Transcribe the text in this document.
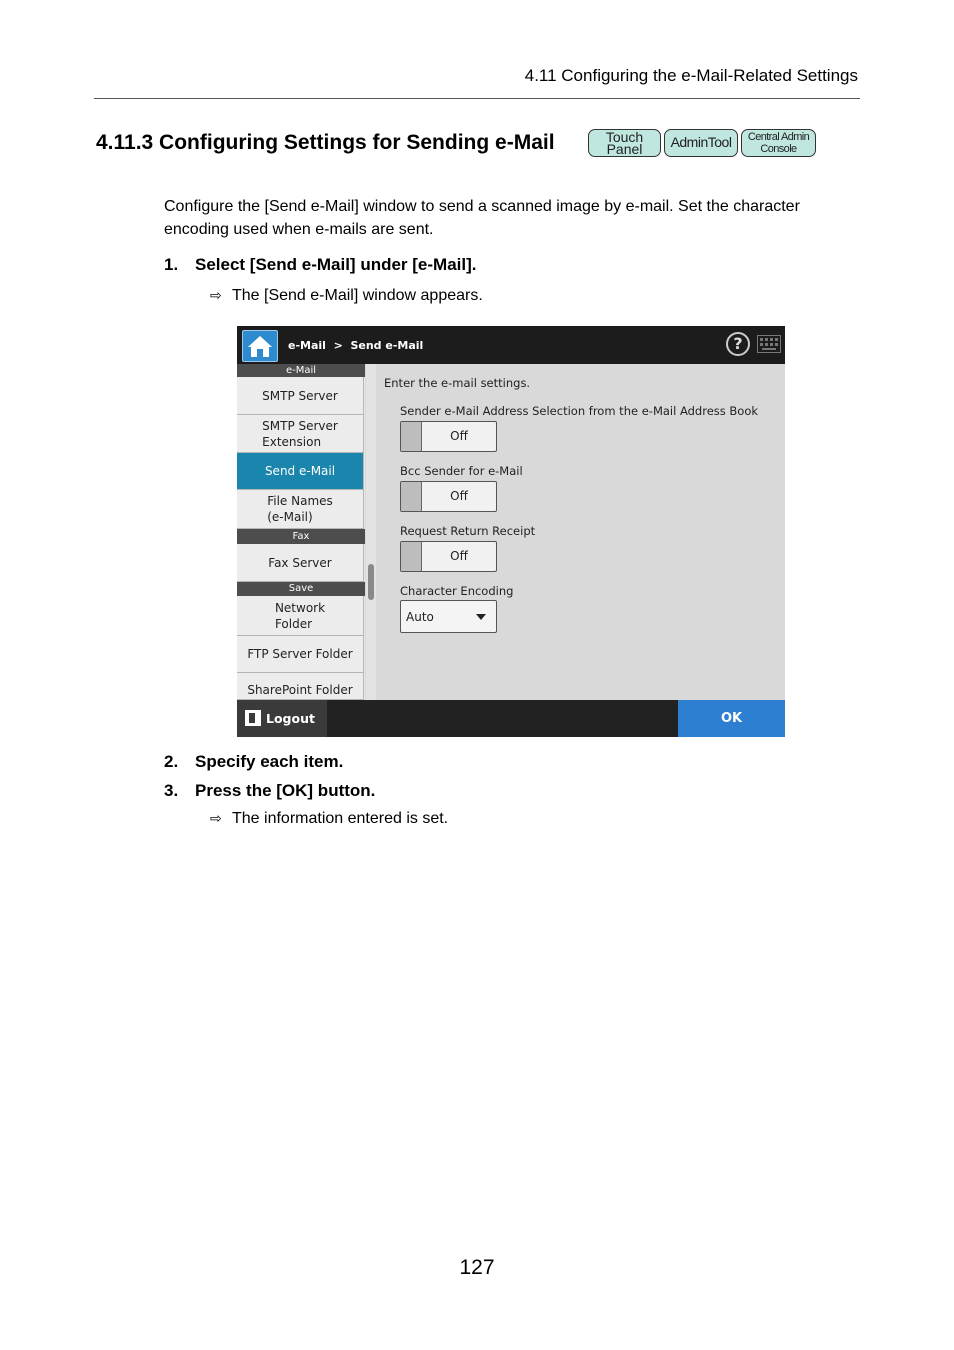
4.11 Configuring the e-Mail-Related Settings
4.11.3 Configuring Settings for Sending e-Mail	Touch
Panel	AdminTool	Central Admin
Console
Configure the [Send e-Mail] window to send a scanned image by e-mail. Set the character encoding used when e-mails are sent.
1. Select [Send e-Mail] under [e-Mail].
⇨ The [Send e-Mail] window appears.
e-Mail  >  Send e-Mail	?
e-Mail
SMTP Server
SMTP Server
Extension
Send e-Mail
File Names
(e-Mail)
Fax
Fax Server
Save
Network
Folder
FTP Server Folder
SharePoint Folder
Enter the e-mail settings.
Sender e-Mail Address Selection from the e-Mail Address Book
Off
Bcc Sender for e-Mail
Off
Request Return Receipt
Off
Character Encoding
Auto
Logout	OK
2. Specify each item.
3. Press the [OK] button.
⇨ The information entered is set.
127
